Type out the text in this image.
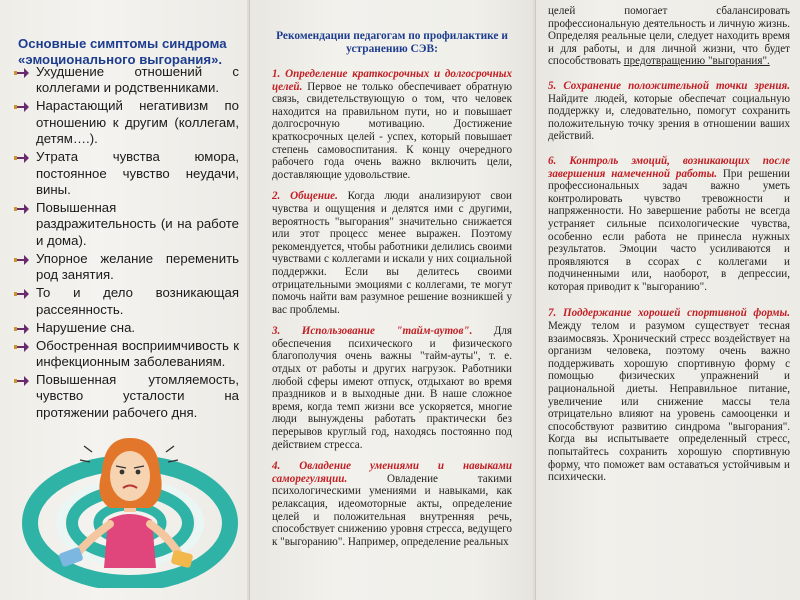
Основные симптомы синдрома «эмоционального выгорания».
Ухудшение отношений с коллегами и родственниками.
Нарастающий негативизм по отношению к другим (коллегам, детям….).
Утрата чувства юмора, постоянное чувство неудачи, вины.
Повышенная раздражительность (и на работе и дома).
Упорное желание переменить род занятия.
То и дело возникающая рассеянность.
Нарушение сна.
Обостренная восприимчивость к инфекционным заболеваниям.
Повышенная утомляемость, чувство усталости на протяжении рабочего дня.
Рекомендации педагогам по профилактике и устранению СЭВ:

1. Определение краткосрочных и долгосрочных целей. Первое не только обеспечивает обратную связь, свидетельствующую о том, что человек находится на правильном пути, но и повышает долгосрочную мотивацию. Достижение краткосрочных целей - успех, который повышает степень самовоспитания. К концу очередного рабочего года очень важно включить цели, доставляющие удовольствие.

2. Общение. Когда люди анализируют свои чувства и ощущения и делятся ими с другими, вероятность "выгорания" значительно снижается или этот процесс менее выражен. Поэтому рекомендуется, чтобы работники делились своими чувствами с коллегами и искали у них социальной поддержки. Если вы делитесь своими отрицательными эмоциями с коллегами, те могут помочь найти вам разумное решение возникшей у вас проблемы.

3. Использование "тайм-аутов". Для обеспечения психического и физического благополучия очень важны "тайм-ауты", т. е. отдых от работы и других нагрузок. Работники любой сферы имеют отпуск, отдыхают во время праздников и в выходные дни. В наше сложное время, когда темп жизни все ускоряется, многие люди вынуждены работать практически без перерывов круглый год, находясь постоянно под действием стресса.

4. Овладение умениями и навыками саморегуляции. Овладение такими психологическими умениями и навыками, как релаксация, идеомоторные акты, определение целей и положительная внутренняя речь, способствует снижению уровня стресса, ведущего к "выгоранию". Например, определение реальных

целей помогает сбалансировать профессиональную деятельность и личную жизнь. Определяя реальные цели, следует находить время и для работы, и для личной жизни, что будет способствовать предотвращению "выгорания".

5. Сохранение положительной точки зрения. Найдите людей, которые обеспечат социальную поддержку и, следовательно, помогут сохранить положительную точку зрения в отношении ваших действий.

6. Контроль эмоций, возникающих после завершения намеченной работы. При решении профессиональных задач важно уметь контролировать чувство тревожности и напряженности. Но завершение работы не всегда устраняет сильные психологические чувства, особенно если работа не принесла нужных результатов. Эмоции часто усиливаются и проявляются в ссорах с коллегами и подчиненными или, наоборот, в депрессии, которая приводит к "выгоранию".

7. Поддержание хорошей спортивной формы. Между телом и разумом существует тесная взаимосвязь. Хронический стресс воздействует на организм человека, поэтому очень важно поддерживать хорошую спортивную форму с помощью физических упражнений и рациональной диеты. Неправильное питание, увеличение или снижение массы тела отрицательно влияют на уровень самооценки и способствуют развитию синдрома "выгорания". Когда вы испытываете определенный стресс, попытайтесь сохранить хорошую спортивную форму, что поможет вам оставаться устойчивым и психически.
